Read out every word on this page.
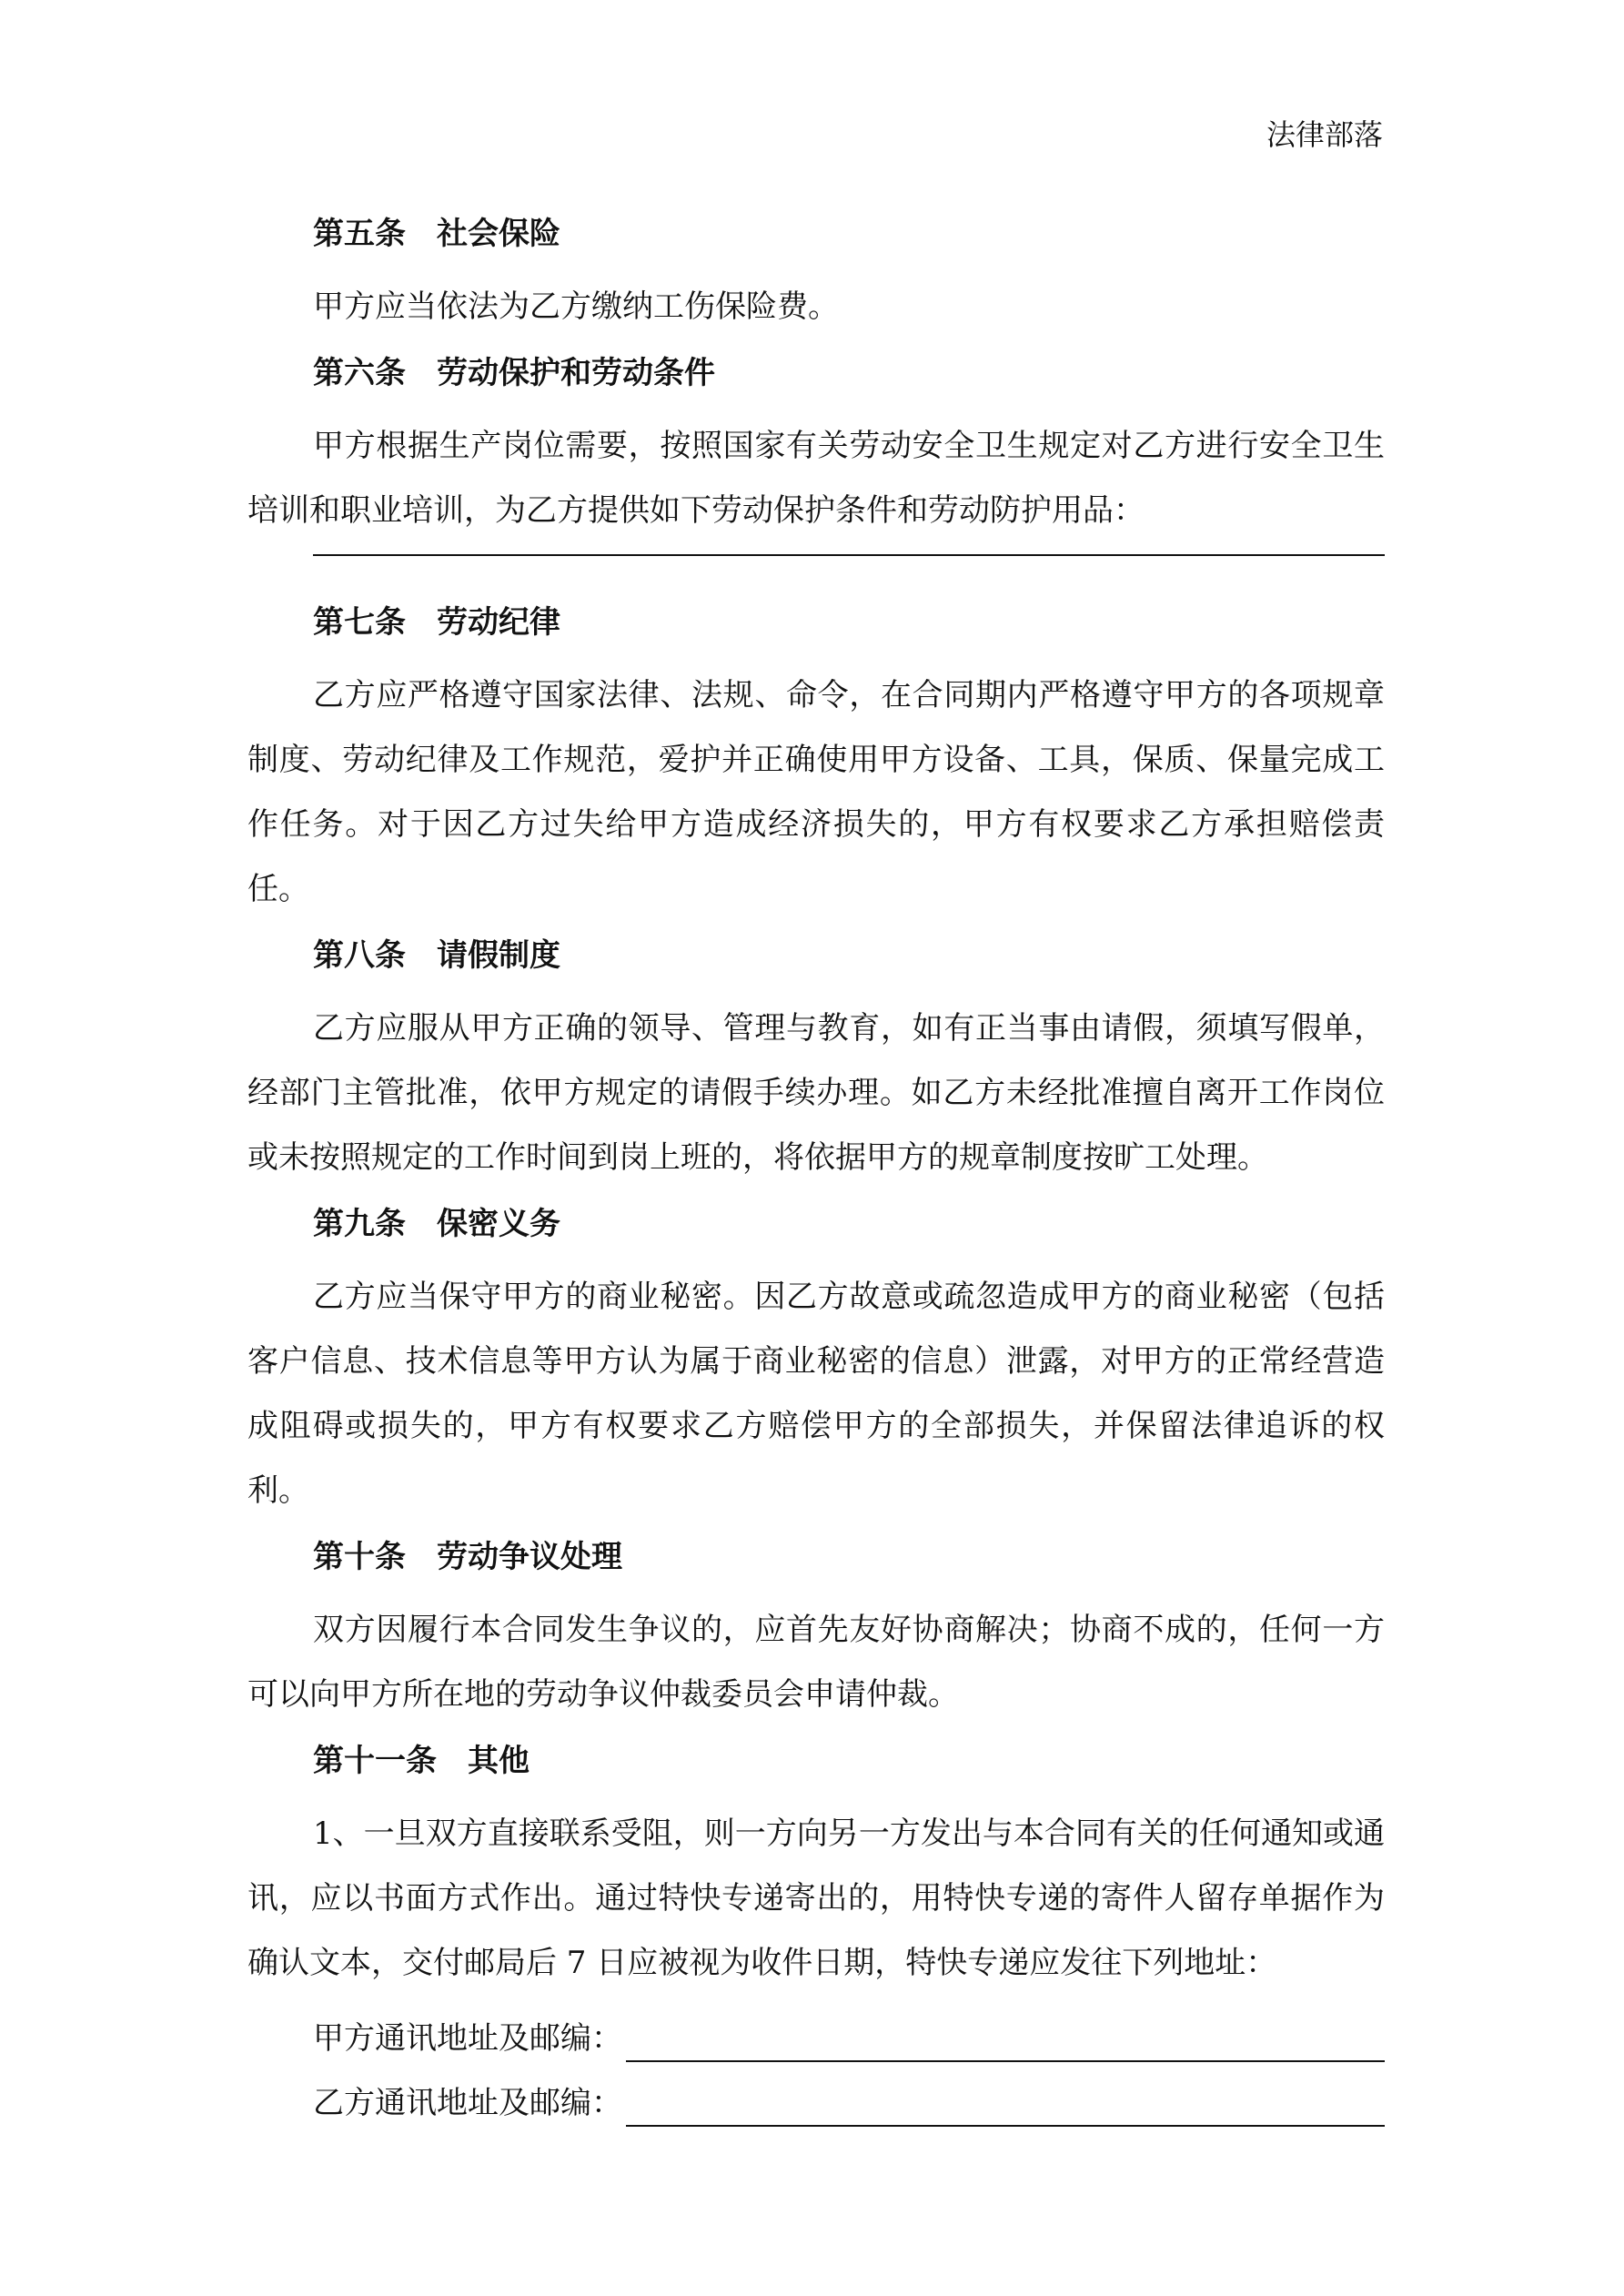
法律部落
第五条　社会保险

甲方应当依法为乙方缴纳工伤保险费。

第六条　劳动保护和劳动条件

甲方根据生产岗位需要，按照国家有关劳动安全卫生规定对乙方进行安全卫生培训和职业培训，为乙方提供如下劳动保护条件和劳动防护用品：

第七条　劳动纪律

乙方应严格遵守国家法律、法规、命令，在合同期内严格遵守甲方的各项规章制度、劳动纪律及工作规范，爱护并正确使用甲方设备、工具，保质、保量完成工作任务。对于因乙方过失给甲方造成经济损失的，甲方有权要求乙方承担赔偿责任。

第八条　请假制度

乙方应服从甲方正确的领导、管理与教育，如有正当事由请假，须填写假单，经部门主管批准，依甲方规定的请假手续办理。如乙方未经批准擅自离开工作岗位或未按照规定的工作时间到岗上班的，将依据甲方的规章制度按旷工处理。

第九条　保密义务

乙方应当保守甲方的商业秘密。因乙方故意或疏忽造成甲方的商业秘密（包括客户信息、技术信息等甲方认为属于商业秘密的信息）泄露，对甲方的正常经营造成阻碍或损失的，甲方有权要求乙方赔偿甲方的全部损失，并保留法律追诉的权利。

第十条　劳动争议处理

双方因履行本合同发生争议的，应首先友好协商解决；协商不成的，任何一方可以向甲方所在地的劳动争议仲裁委员会申请仲裁。

第十一条　其他

1、一旦双方直接联系受阻，则一方向另一方发出与本合同有关的任何通知或通讯，应以书面方式作出。通过特快专递寄出的，用特快专递的寄件人留存单据作为确认文本，交付邮局后 7 日应被视为收件日期，特快专递应发往下列地址：

甲方通讯地址及邮编：
乙方通讯地址及邮编：
